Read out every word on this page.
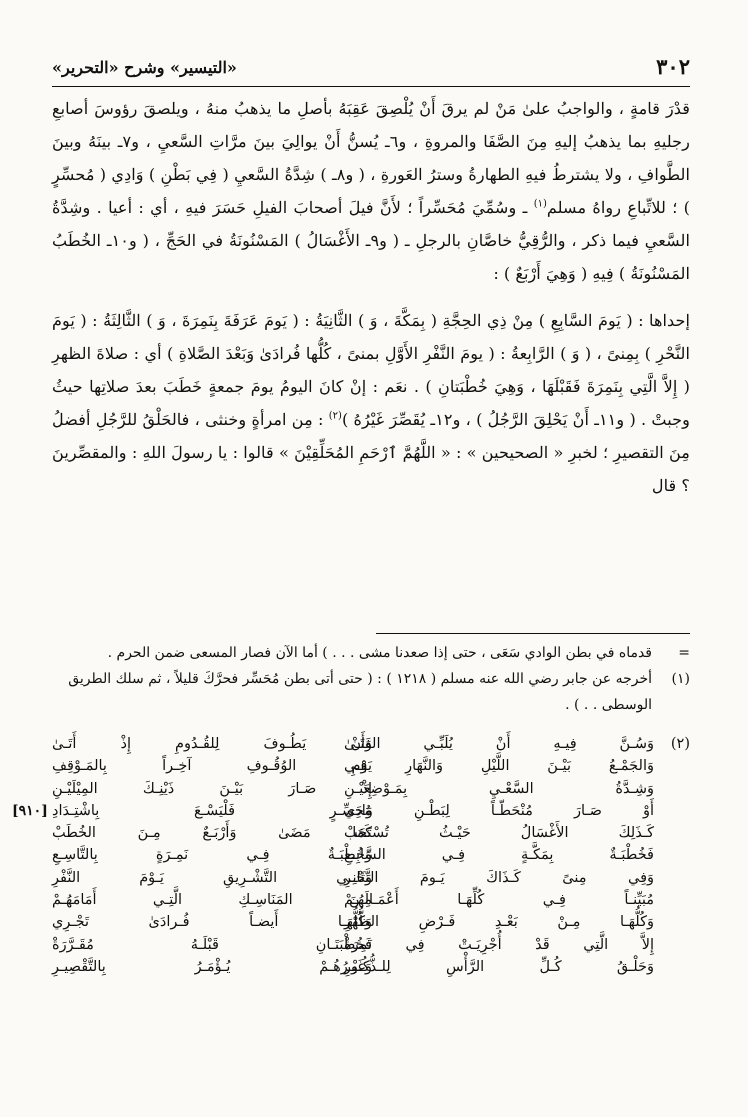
٣٠٢
«التيسير» وشرح «التحرير»

قدْرَ قامةٍ ، والواجبُ علىٰ مَنْ لم يرقَ أَنْ يُلْصِقَ عَقِبَهُ بأصلِ ما يذهبُ منهُ ، ويلصقَ رؤوسَ أصابعِ رجليهِ بما يذهبُ إليهِ مِنَ الصَّفَا والمروةِ ، و٦ـ يُسنُّ أَنْ يوالِيَ بينَ مرَّاتِ السَّعيِ ، و٧ـ بينَهُ وبينَ الطَّوافِ ، ولا يشترطُ فيهِ الطهارةُ وسترُ العَورةِ ، ( و٨ـ ) شِدَّةُ السَّعيِ ( فِي بَطْنِ ) وَادِي ( مُحسِّرٍ ) ؛ للاتِّباعِ رواهُ مسلم$^{(١)}$ ـ وسُمِّيَ مُحَسِّراً ؛ لأَنَّ فيلَ أصحابَ الفيلِ حَسَرَ فيهِ ، أي : أعيا . وشِدَّةُ السَّعيِ فيما ذكر ، والرُّقِيُّ خاصَّانِ بالرجلِ ـ ( و٩ـ الأَغْسَالُ ) المَسْنُونَةُ في الحَجِّ ، ( و١٠ـ الخُطَبُ المَسْنُونَةُ ) فِيهِ ( وَهِيَ أَرْبَعٌ ) :

إحداها : ( يَومَ السَّابِعِ ) مِنْ ذِي الحِجَّةِ ( بِمَكَّةَ ، وَ ) الثَّانِيَةُ : ( يَومَ عَرَفَةَ بِنَمِرَةَ ، وَ ) الثَّالِثَةُ : ( يَومَ النَّحْرِ ) بِمِنىً ، ( وَ ) الرَّابِعةُ : ( يومَ النَّفْرِ الأَوَّلِ بمنىً ، كُلُّها فُرادَىٰ وَبَعْدَ الصَّلاةِ ) أي : صلاةَ الظهرِ ( إِلاَّ الَّتِي بِنَمِرَةَ فَقَبْلَهَا ، وَهِيَ خُطْبَتانِ ) . نعَم : إنْ كانَ اليومُ يومَ جمعةٍ خَطَبَ بعدَ صلاتِها حيثُ وجبتْ . ( و١١ـ أَنْ يَحْلِقَ الرَّجُلُ ) ، و١٢ـ يُقَصِّرَ غَيْرُهُ )$^{(٢)}$ : مِن امرأةٍ وخنثى ، فالحَلْقُ للرَّجُلِ أفضلُ مِنَ التقصيرِ ؛ لخبرِ « الصحيحين » : « اللَّهُمَّ ٱرْحَمِ المُحَلِّقِيْنَ » قالوا : يا رسولَ اللهِ : والمقصِّرينَ ؟ قال

=
قدماه في بطن الوادي سَعَى ، حتى إذا صعدنا مشى . . . ) أما الآن فصار المسعى ضمن الحرم .
(١)
أخرجه عن جابر رضي الله عنه مسلم ( ١٢١٨ ) : ( حتى أتى بطن مُحَسِّر فحرَّكَ قليلاً ، ثم سلك الطريق الوسطى . . ) .
(٢)
وَسُـنَّ فِيـهِ أَنْ يُلَبِّـي الفَتَـىٰ
وَأَنْ يَطُـوفَ لِلقُـدُومِ إِذْ أَتَـىٰ
وَالجَمْـعُ بَيْـنَ اللَّيْلِ وَالنَّهَارِ فِـي
يَوْمِ الوُقُـوفِ آخِـراً بِالمَـوْقِفِ
وَشِـدَّةُ السَّعْـيِ بِمَـوْضِعَيْـنِ
إِذْ صَـارَ بَيْـنَ ذَيْنِـكَ المِيْلَيْـنِ
أَوْ صَـارَ مُنْحَطّـاً لِبَطْـنِ وَادِي
مُحَسِّـرٍ فَلْيَسْـعَ بِاشْتِـدَادِ
[٩١٠]
كَـذَلِكَ الأَغْسَالُ حَيْـثُ تُسْتَحَبْ
كَمَا مَضَىٰ وَأَرْبَـعٌ مِـنَ الخُطَبْ
فَخُطْبَـةٌ بِمَكَّـةٍ فِـي السَّابِـعِ
وَخُطْبَـةٌ فِـي نَمِـرَةٍ بِالتَّاسِـعِ
وَفِي مِنىً كَـذَاكَ يَـومَ النَّحْـرِ
وَثَانِـي التَّشْـرِيقِ يَـوْمَ النَّفْرِ
مُبَيِّنـاً فِـي كُلِّهَـا أَعْمَـالَهُـمْ
مِـنَ المَنَاسِـكِ الَّتِـي أَمَامَهُـمْ
وَكُلُّهَـا مِـنْ بَعْـدِ فَـرْضِ الظُّهْرِ
وَكُلُّهَـا أَيضـاً فُـرادَىٰ تَجْـرِي
إِلاَّ الَّتِي قَدْ أُجْرِيَـتْ فِي نَمِرَةْ
فَخُطْبَتَـانِ قَبْلَـهُ مُقَـرَّرَةْ
وَحَلْـقُ كُـلِّ الرَّأْسِ لِلـذُّكُـورِ
وَغَيْـرُهُـمْ يُـؤْمَـرُ بِالتَّقْصِيـرِ
